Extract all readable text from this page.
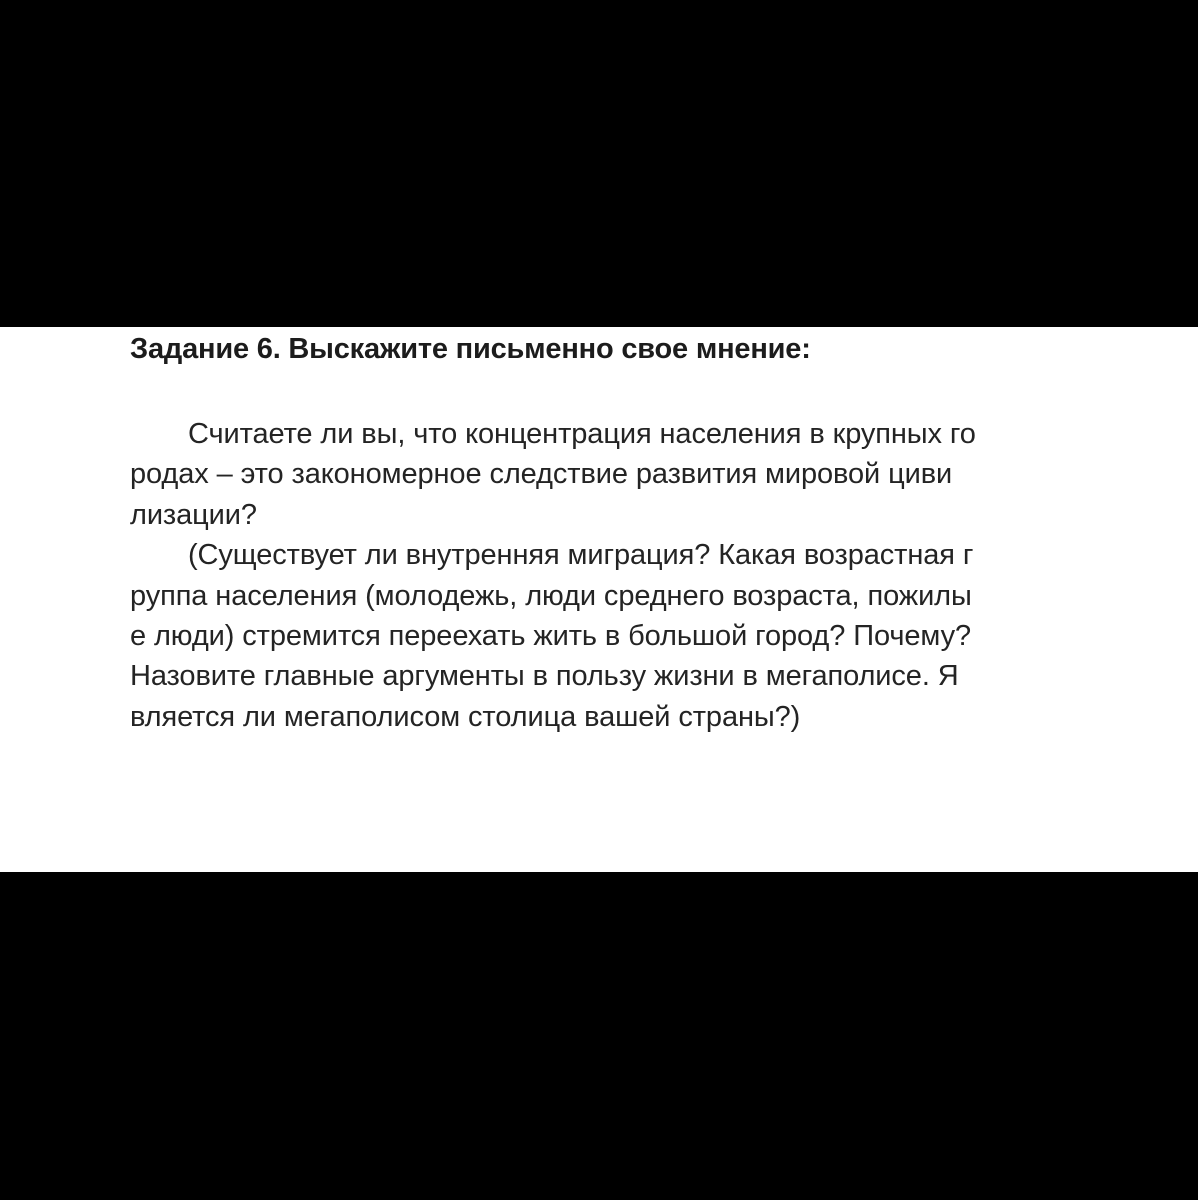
Задание 6. Выскажите письменно свое мнение:

Считаете ли вы, что концентрация населения в крупных го

родах – это закономерное следствие развития мировой циви

лизации?

(Существует ли внутренняя миграция? Какая возрастная г

руппа населения (молодежь, люди среднего возраста, пожилы

е люди) стремится переехать жить в большой город? Почему?

Назовите главные аргументы в пользу жизни в мегаполисе. Я

вляется ли мегаполисом столица вашей страны?)
